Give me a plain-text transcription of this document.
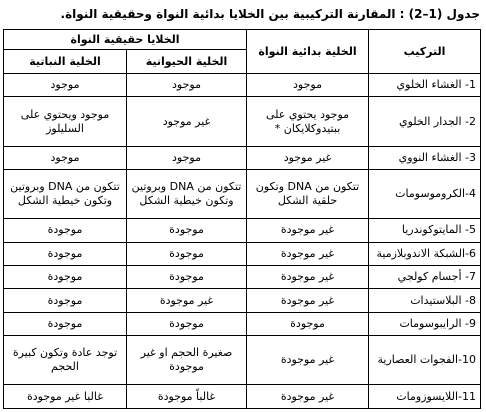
جدول (1–2) : المقارنة التركيبية بين الخلايا بدائية النواة وحقيقية النواة.
التركيب	الخلية بدائية النواة	الخلايا حقيقية النواة	
		الخلية الحيوانية	الخلية النباتية
1- الغشاء الخلوي	موجود	موجود	موجود
2- الجدار الخلوي	موجود يحتوي على ببتيدوكلايكان *	غير موجود	موجود ويحتوي على السليلوز
3- الغشاء النووي	غير موجود	موجود	موجود
4-الكروموسومات	تتكون من DNA وتكون حلقية الشكل	تتكون من DNA وبروتين وتكون خيطية الشكل	تتكون من DNA وبروتين وتكون خيطية الشكل
5- المايتوكوندريا	غير موجودة	موجودة	موجودة
6-الشبكة الاندوبلازمية	غير موجودة	موجودة	موجودة
7- أجسام كولجي	غير موجودة	موجودة	موجودة
8- البلاستيدات	غير موجودة	غير موجودة	موجودة
9- الرايبوسومات	موجودة	موجودة	موجودة
10-الفجوات العصارية	غير موجودة	صغيرة الحجم او غير موجودة	توجد عادة وتكون كبيرة الحجم
11-اللايسوزومات	غير موجودة	غالباً موجودة	غالبا غير موجودة
